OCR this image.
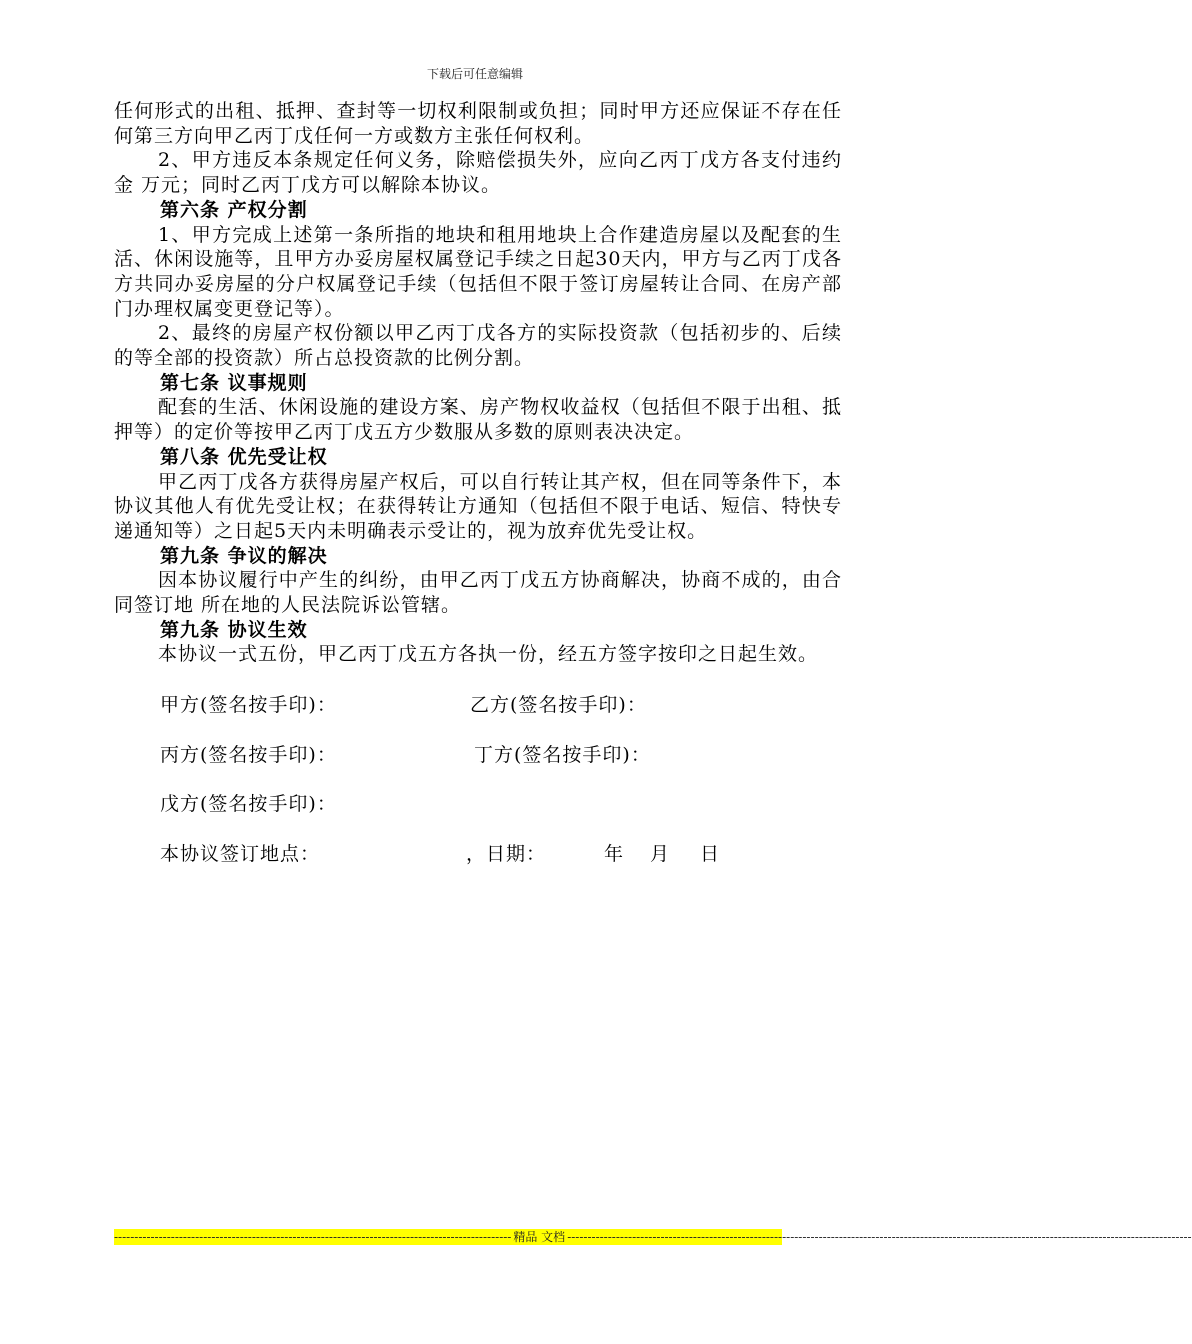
下载后可任意编辑

任何形式的出租、抵押、查封等一切权利限制或负担；同时甲方还应保证不存在任何第三方向甲乙丙丁戊任何一方或数方主张任何权利。

2、甲方违反本条规定任何义务，除赔偿损失外，应向乙丙丁戊方各支付违约金 万元；同时乙丙丁戊方可以解除本协议。

第六条 产权分割

1、甲方完成上述第一条所指的地块和租用地块上合作建造房屋以及配套的生活、休闲设施等，且甲方办妥房屋权属登记手续之日起30天内，甲方与乙丙丁戊各方共同办妥房屋的分户权属登记手续（包括但不限于签订房屋转让合同、在房产部门办理权属变更登记等）。

2、最终的房屋产权份额以甲乙丙丁戊各方的实际投资款（包括初步的、后续的等全部的投资款）所占总投资款的比例分割。

第七条 议事规则

配套的生活、休闲设施的建设方案、房产物权收益权（包括但不限于出租、抵押等）的定价等按甲乙丙丁戊五方少数服从多数的原则表决决定。

第八条 优先受让权

甲乙丙丁戊各方获得房屋产权后，可以自行转让其产权，但在同等条件下，本协议其他人有优先受让权；在获得转让方通知（包括但不限于电话、短信、特快专递通知等）之日起5天内未明确表示受让的，视为放弃优先受让权。

第九条 争议的解决

因本协议履行中产生的纠纷，由甲乙丙丁戊五方协商解决，协商不成的，由合同签订地 所在地的人民法院诉讼管辖。

第九条 协议生效

本协议一式五份，甲乙丙丁戊五方各执一份，经五方签字按印之日起生效。

甲方(签名按手印)：	乙方(签名按手印)：
丙方(签名按手印)：	丁方(签名按手印)：
戊方(签名按手印)：
本协议签订地点：	，日期：	年 月 日
-------------------------------------------------------------------------------------------------- 精品 文档 ----------------------------------------------------------------------------------------------------------------------------------------------------------
